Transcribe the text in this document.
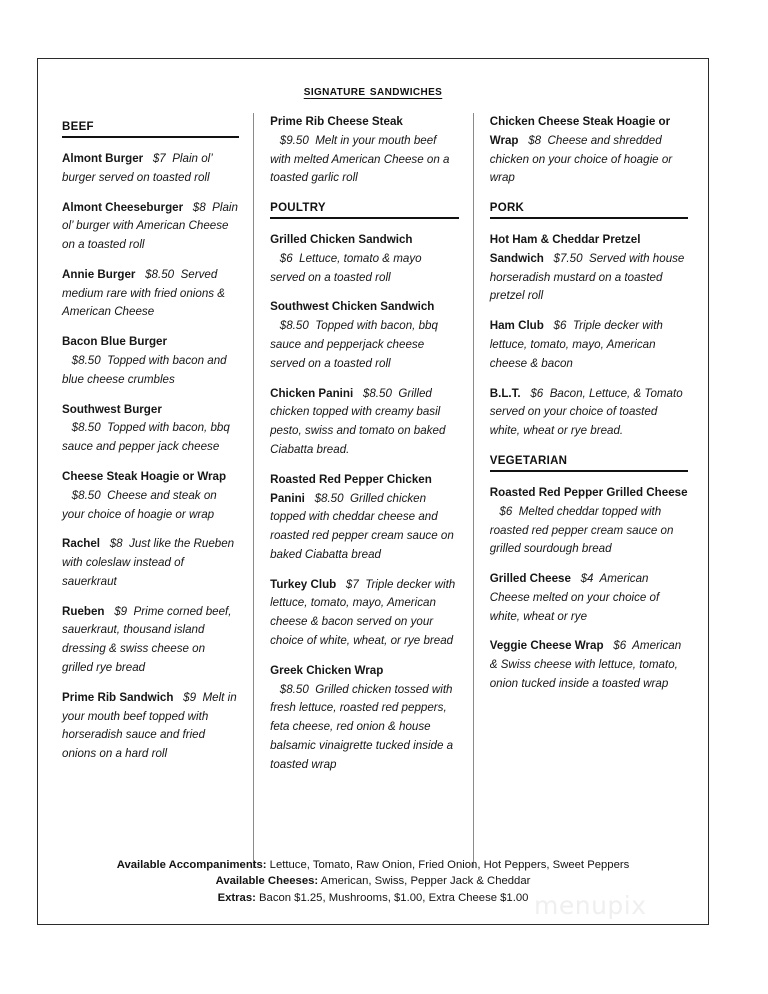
signature sandwiches
BEEF
Almont Burger $7 Plain ol’ burger served on toasted roll
Almont Cheeseburger $8 Plain ol’ burger with American Cheese on a toasted roll
Annie Burger $8.50 Served medium rare with fried onions & American Cheese
Bacon Blue Burger   $8.50 Topped with bacon and blue cheese crumbles
Southwest Burger   $8.50 Topped with bacon, bbq sauce and pepper jack cheese
Cheese Steak Hoagie or Wrap   $8.50 Cheese and steak on your choice of hoagie or wrap
Rachel $8 Just like the Rueben with coleslaw instead of sauerkraut
Rueben $9 Prime corned beef, sauerkraut, thousand island dressing & swiss cheese on grilled rye bread
Prime Rib Sandwich $9 Melt in your mouth beef topped with horseradish sauce and fried onions on a hard roll
Prime Rib Cheese Steak   $9.50 Melt in your mouth beef with melted American Cheese on a toasted garlic roll
POULTRY
Grilled Chicken Sandwich   $6 Lettuce, tomato & mayo served on a toasted roll
Southwest Chicken Sandwich   $8.50 Topped with bacon, bbq sauce and pepperjack cheese served on a toasted roll
Chicken Panini $8.50 Grilled chicken topped with creamy basil pesto, swiss and tomato on baked Ciabatta bread.
Roasted Red Pepper Chicken Panini $8.50 Grilled chicken topped with cheddar cheese and roasted red pepper cream sauce on baked Ciabatta bread
Turkey Club $7 Triple decker with lettuce, tomato, mayo, American cheese & bacon served on your choice of white, wheat, or rye bread
Greek Chicken Wrap   $8.50 Grilled chicken tossed with fresh lettuce, roasted red peppers, feta cheese, red onion & house balsamic vinaigrette tucked inside a toasted wrap
Chicken Cheese Steak Hoagie or Wrap $8 Cheese and shredded chicken on your choice of hoagie or wrap
PORK
Hot Ham & Cheddar Pretzel Sandwich $7.50 Served with house horseradish mustard on a toasted pretzel roll
Ham Club $6 Triple decker with lettuce, tomato, mayo, American cheese & bacon
B.L.T. $6 Bacon, Lettuce, & Tomato served on your choice of toasted white, wheat or rye bread.
VEGETARIAN
Roasted Red Pepper Grilled Cheese   $6 Melted cheddar topped with roasted red pepper cream sauce on grilled sourdough bread
Grilled Cheese $4 American Cheese melted on your choice of white, wheat or rye
Veggie Cheese Wrap $6 American & Swiss cheese with lettuce, tomato, onion tucked inside a toasted wrap
Available Accompaniments: Lettuce, Tomato, Raw Onion, Fried Onion, Hot Peppers, Sweet Peppers
Available Cheeses: American, Swiss, Pepper Jack & Cheddar
Extras: Bacon $1.25, Mushrooms, $1.00, Extra Cheese $1.00 menupix
